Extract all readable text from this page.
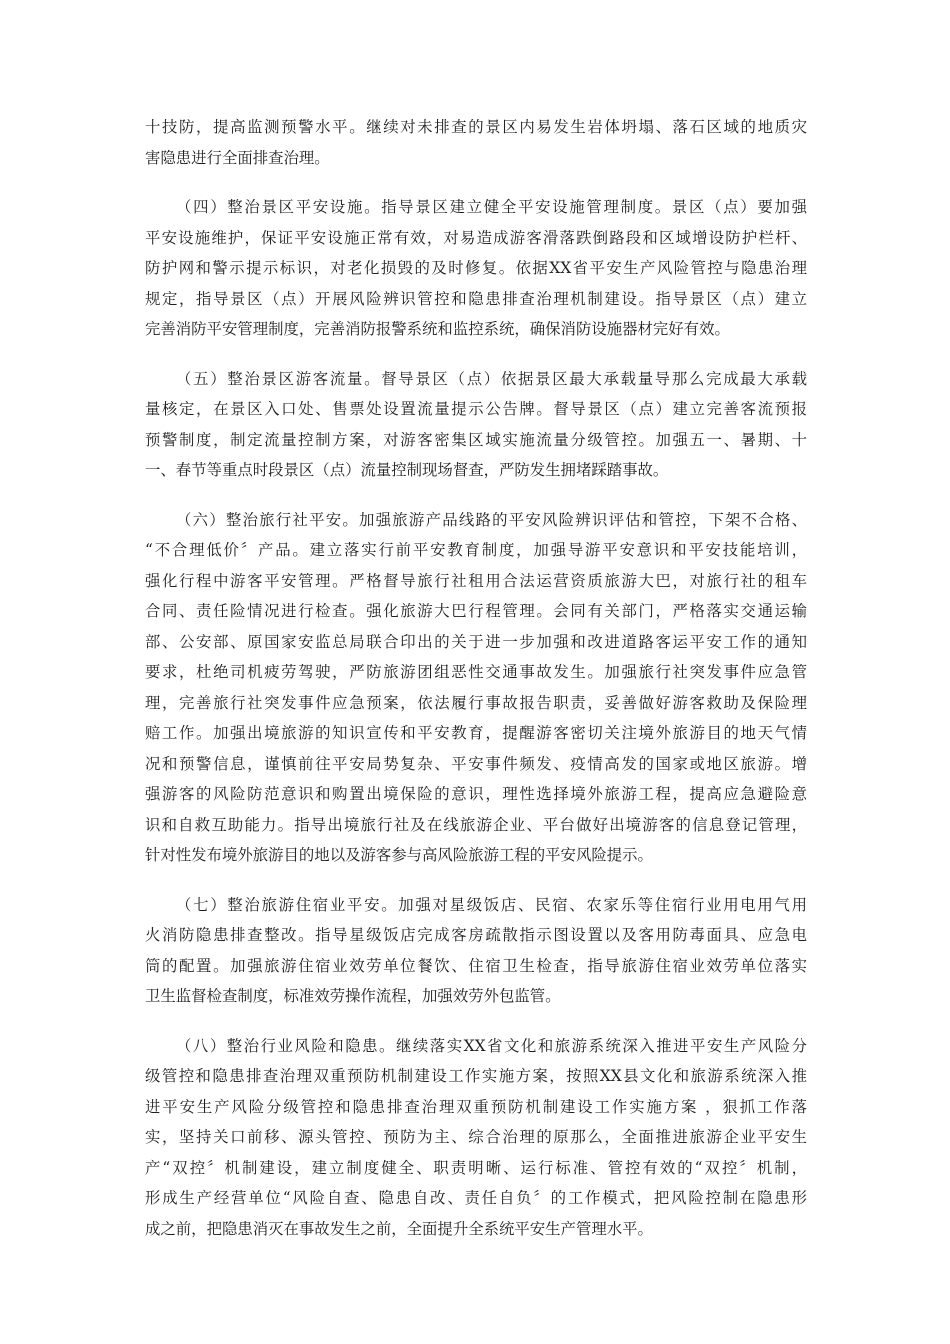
十技防，提高监测预警水平。继续对未排查的景区内易发生岩体坍塌、落石区域的地质灾
害隐患进行全面排查治理。
（四）整治景区平安设施。指导景区建立健全平安设施管理制度。景区（点）要加强
平安设施维护，保证平安设施正常有效，对易造成游客滑落跌倒路段和区域增设防护栏杆、
防护网和警示提示标识，对老化损毁的及时修复。依据XX省平安生产风险管控与隐患治理
规定，指导景区（点）开展风险辨识管控和隐患排查治理机制建设。指导景区（点）建立
完善消防平安管理制度，完善消防报警系统和监控系统，确保消防设施器材完好有效。
（五）整治景区游客流量。督导景区（点）依据景区最大承载量导那么完成最大承载
量核定，在景区入口处、售票处设置流量提示公告牌。督导景区（点）建立完善客流预报
预警制度，制定流量控制方案，对游客密集区域实施流量分级管控。加强五一、暑期、十
一、春节等重点时段景区（点）流量控制现场督查，严防发生拥堵踩踏事故。
（六）整治旅行社平安。加强旅游产品线路的平安风险辨识评估和管控，下架不合格、
“不合理低价〞产品。建立落实行前平安教育制度，加强导游平安意识和平安技能培训，
强化行程中游客平安管理。严格督导旅行社租用合法运营资质旅游大巴，对旅行社的租车
合同、责任险情况进行检查。强化旅游大巴行程管理。会同有关部门，严格落实交通运输
部、公安部、原国家安监总局联合印出的关于进一步加强和改进道路客运平安工作的通知
要求，杜绝司机疲劳驾驶，严防旅游团组恶性交通事故发生。加强旅行社突发事件应急管
理，完善旅行社突发事件应急预案，依法履行事故报告职责，妥善做好游客救助及保险理
赔工作。加强出境旅游的知识宣传和平安教育，提醒游客密切关注境外旅游目的地天气情
况和预警信息，谨慎前往平安局势复杂、平安事件频发、疫情高发的国家或地区旅游。增
强游客的风险防范意识和购置出境保险的意识，理性选择境外旅游工程，提高应急避险意
识和自救互助能力。指导出境旅行社及在线旅游企业、平台做好出境游客的信息登记管理，
针对性发布境外旅游目的地以及游客参与高风险旅游工程的平安风险提示。
（七）整治旅游住宿业平安。加强对星级饭店、民宿、农家乐等住宿行业用电用气用
火消防隐患排查整改。指导星级饭店完成客房疏散指示图设置以及客用防毒面具、应急电
筒的配置。加强旅游住宿业效劳单位餐饮、住宿卫生检查，指导旅游住宿业效劳单位落实
卫生监督检查制度，标准效劳操作流程，加强效劳外包监管。
（八）整治行业风险和隐患。继续落实XX省文化和旅游系统深入推进平安生产风险分
级管控和隐患排查治理双重预防机制建设工作实施方案，按照XX县文化和旅游系统深入推
进平安生产风险分级管控和隐患排查治理双重预防机制建设工作实施方案 ，狠抓工作落
实，坚持关口前移、源头管控、预防为主、综合治理的原那么，全面推进旅游企业平安生
产“双控〞机制建设，建立制度健全、职责明晰、运行标准、管控有效的“双控〞机制，
形成生产经营单位“风险自查、隐患自改、责任自负〞的工作模式，把风险控制在隐患形
成之前，把隐患消灭在事故发生之前，全面提升全系统平安生产管理水平。
